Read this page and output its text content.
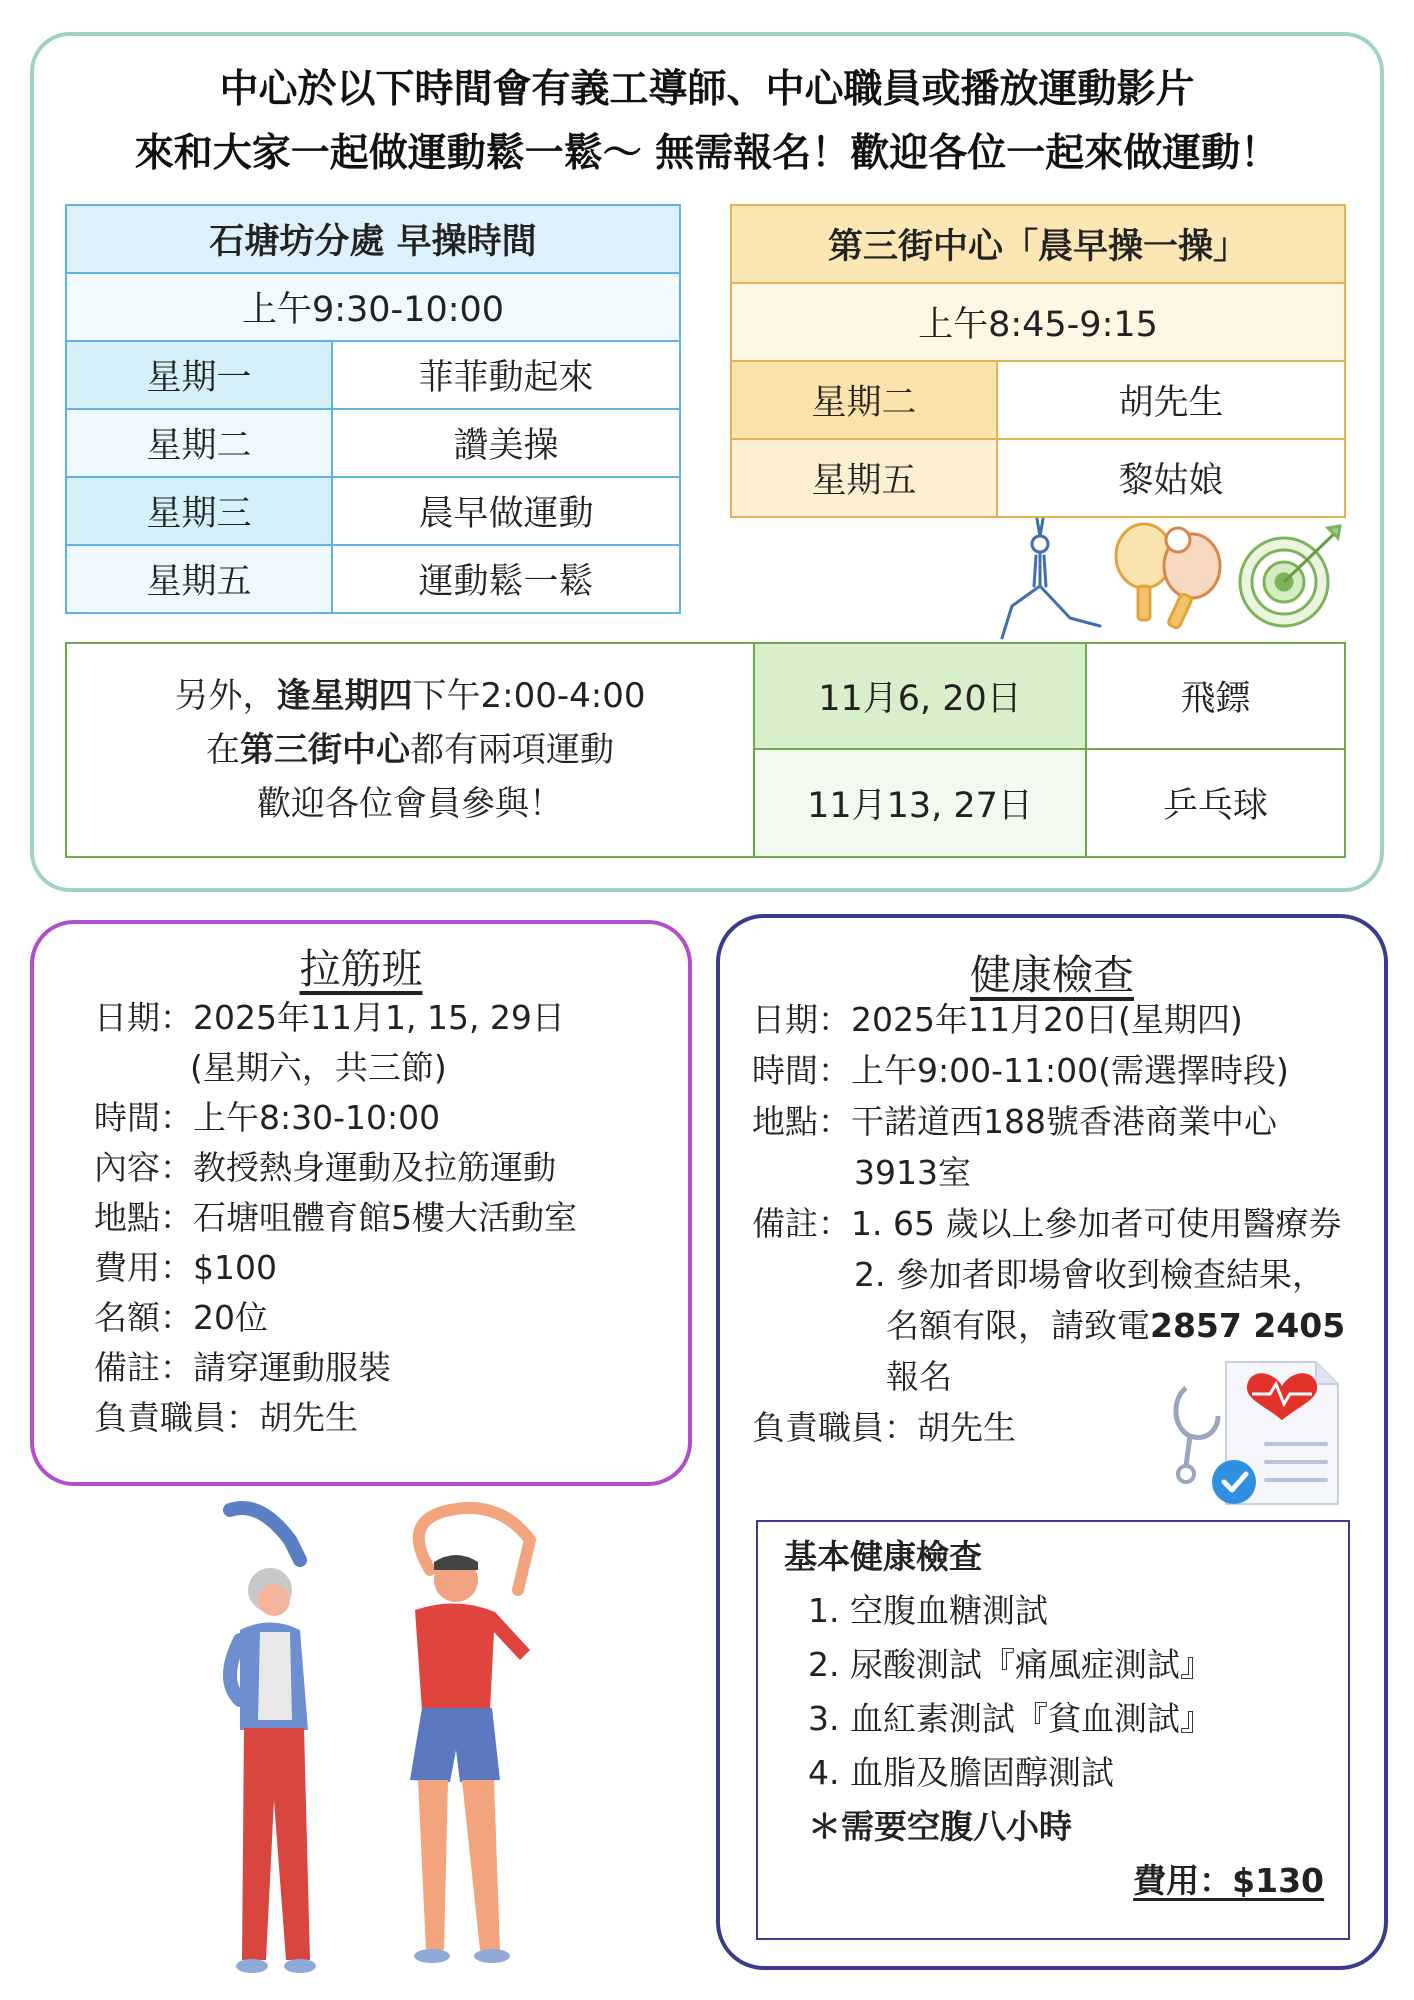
中心於以下時間會有義工導師、中心職員或播放運動影片
來和大家一起做運動鬆一鬆～ 無需報名！歡迎各位一起來做運動！
石塘坊分處 早操時間	
上午9:30-10:00	
星期一	菲菲動起來
星期二	讚美操
星期三	晨早做運動
星期五	運動鬆一鬆
第三街中心「晨早操一操」	
上午8:45-9:15	
星期二	胡先生
星期五	黎姑娘
另外，逢星期四下午2:00-4:00
在第三街中心都有兩項運動
歡迎各位會員參與！	11月6, 20日	飛鏢
	11月13, 27日	乒乓球
拉筋班
日期：2025年11月1, 15, 29日
(星期六，共三節)
時間：上午8:30-10:00
內容：教授熱身運動及拉筋運動
地點：石塘咀體育館5樓大活動室
費用：$100
名額：20位
備註：請穿運動服裝
負責職員：胡先生
健康檢查
日期：2025年11月20日(星期四)
時間：上午9:00-11:00(需選擇時段)
地點：干諾道西188號香港商業中心
3913室
備註：1. 65 歲以上參加者可使用醫療券
2. 參加者即場會收到檢查結果，
名額有限，請致電2857 2405
報名
負責職員：胡先生
基本健康檢查
1. 空腹血糖測試
2. 尿酸測試『痛風症測試』
3. 血紅素測試『貧血測試』
4. 血脂及膽固醇測試
＊需要空腹八小時
費用：$130
